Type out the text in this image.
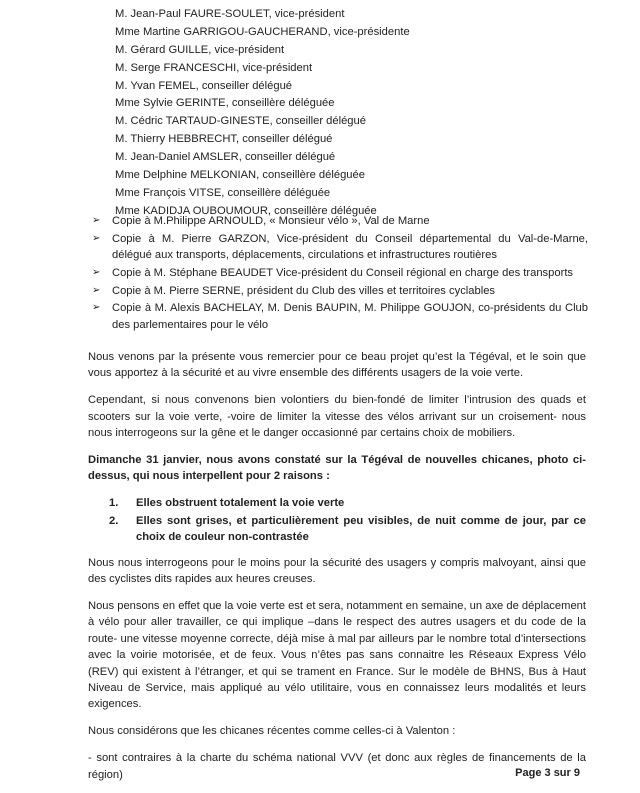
M. Jean-Paul FAURE-SOULET, vice-président
Mme Martine GARRIGOU-GAUCHERAND, vice-présidente
M. Gérard GUILLE, vice-président
M. Serge FRANCESCHI, vice-président
M. Yvan FEMEL, conseiller délégué
Mme Sylvie GERINTE, conseillère déléguée
M. Cédric TARTAUD-GINESTE, conseiller délégué
M. Thierry HEBBRECHT, conseiller délégué
M. Jean-Daniel AMSLER, conseiller délégué
Mme Delphine MELKONIAN, conseillère déléguée
Mme François VITSE, conseillère déléguée
Mme KADIDJA OUBOUMOUR, conseillère déléguée
➢	Copie à M.Philippe ARNOULD, « Monsieur vélo », Val de Marne
➢	Copie à M. Pierre GARZON, Vice-président du Conseil départemental du Val-de-Marne, délégué aux transports, déplacements, circulations et infrastructures routières
➢	Copie à M. Stéphane BEAUDET Vice-président du Conseil régional en charge des transports
➢	Copie à M. Pierre SERNE, président du Club des villes et territoires cyclables
➢	Copie à M. Alexis BACHELAY, M. Denis BAUPIN, M. Philippe GOUJON, co-présidents du Club des parlementaires pour le vélo

Nous venons par la présente vous remercier pour ce beau projet qu’est la Tégéval, et le soin que vous apportez à la sécurité et au vivre ensemble des différents usagers de la voie verte.

Cependant, si nous convenons bien volontiers du bien-fondé de limiter l’intrusion des quads et scooters sur la voie verte, -voire de limiter la vitesse des vélos arrivant sur un croisement- nous nous interrogeons sur la gêne et le danger occasionné par certains choix de mobiliers.

Dimanche 31 janvier, nous avons constaté sur la Tégéval de nouvelles chicanes, photo ci-dessus, qui nous interpellent pour 2 raisons :

1.	Elles obstruent totalement la voie verte
2.	Elles sont grises, et particulièrement peu visibles, de nuit comme de jour, par ce choix de couleur non-contrastée

Nous nous interrogeons pour le moins pour la sécurité des usagers y compris malvoyant, ainsi que des cyclistes dits rapides aux heures creuses.

Nous pensons en effet que la voie verte est et sera, notamment en semaine, un axe de déplacement à vélo pour aller travailler, ce qui implique –dans le respect des autres usagers et du code de la route- une vitesse moyenne correcte, déjà mise à mal par ailleurs par le nombre total d’intersections avec la voirie motorisée, et de feux. Vous n’êtes pas sans connaitre les Réseaux Express Vélo (REV) qui existent à l’étranger, et qui se trament en France. Sur le modèle de BHNS, Bus à Haut Niveau de Service, mais appliqué au vélo utilitaire, vous en connaissez leurs modalités et leurs exigences.

Nous considérons que les chicanes récentes comme celles-ci à Valenton :

- sont contraires à la charte du schéma national VVV (et donc aux règles de financements de la région)	Page 3 sur 9
